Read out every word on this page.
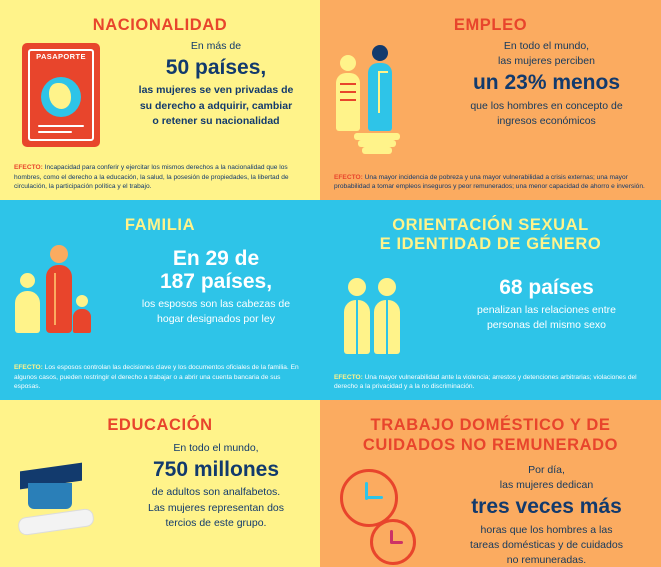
NACIONALIDAD
PASAPORTE
En más de
50 países,
las mujeres se ven privadas de
su derecho a adquirir, cambiar
o retener su nacionalidad
EFECTO: Incapacidad para conferir y ejercitar los mismos derechos a la nacionalidad que los hombres, como el derecho a la educación, la salud, la posesión de propiedades, la libertad de circulación, la participación política y el trabajo.
EMPLEO
En todo el mundo,
las mujeres perciben
un 23% menos
que los hombres en concepto de
ingresos económicos
EFECTO: Una mayor incidencia de pobreza y una mayor vulnerabilidad a crisis externas; una mayor probabilidad a tomar empleos inseguros y peor remunerados; una menor capacidad de ahorro e inversión.
FAMILIA
En 29 de
187 países,
los esposos son las cabezas de
hogar designados por ley
EFECTO: Los esposos controlan las decisiones clave y los documentos oficiales de la familia. En algunos casos, pueden restringir el derecho a trabajar o a abrir una cuenta bancaria de sus esposas.
ORIENTACIÓN SEXUAL
E IDENTIDAD DE GÉNERO
68 países
penalizan las relaciones entre
personas del mismo sexo
EFECTO: Una mayor vulnerabilidad ante la violencia; arrestos y detenciones arbitrarias; violaciones del derecho a la privacidad y a la no discriminación.
EDUCACIÓN
En todo el mundo,
750 millones
de adultos son analfabetos.
Las mujeres representan dos
tercios de este grupo.
TRABAJO DOMÉSTICO Y DE
CUIDADOS NO REMUNERADO
Por día,
las mujeres dedican
tres veces más
horas que los hombres a las
tareas domésticas y de cuidados
no remuneradas.
